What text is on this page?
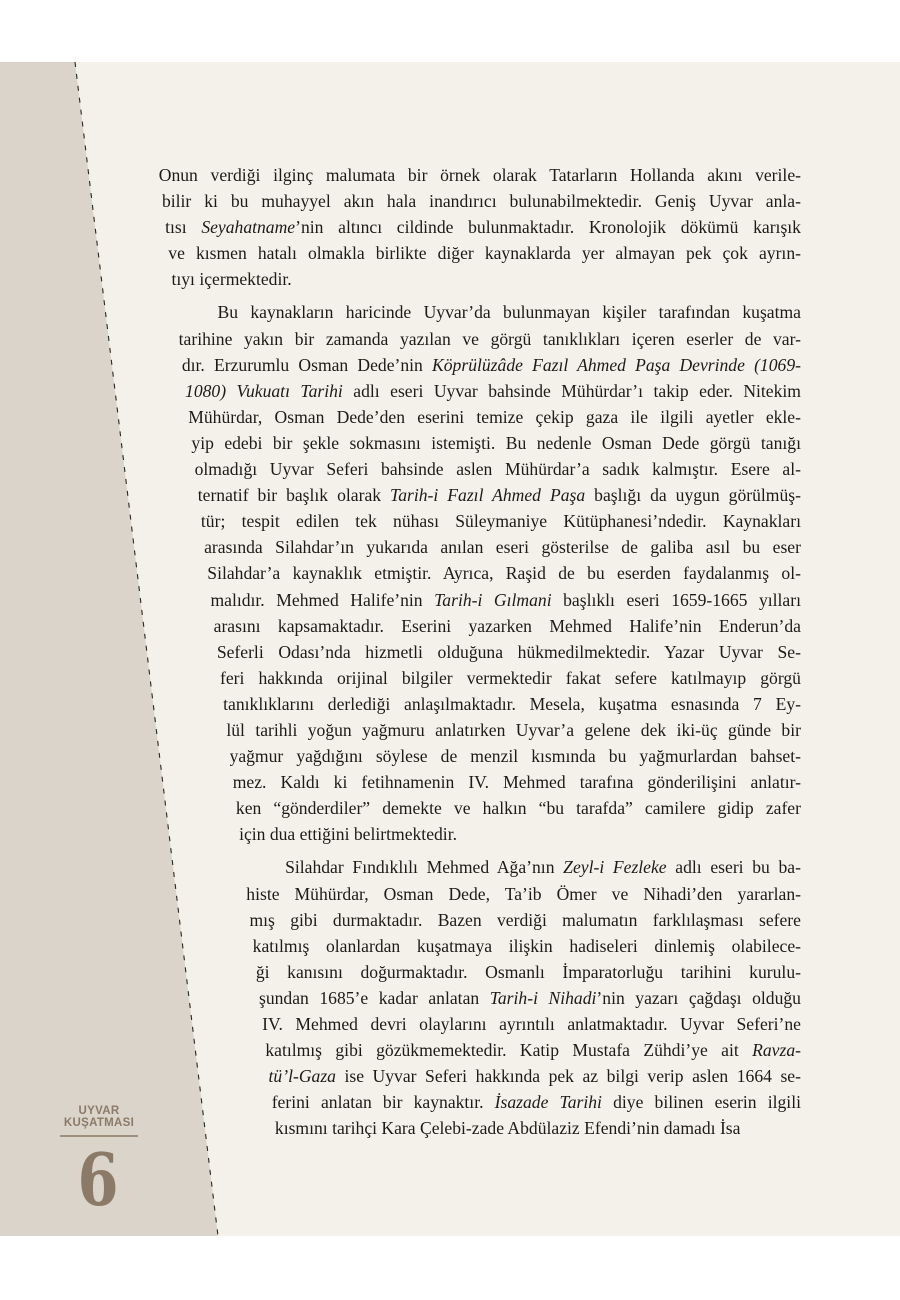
Onun verdiği ilginç malumata bir örnek olarak Tatarların Hollanda akını verile-
bilir ki bu muhayyel akın hala inandırıcı bulunabilmektedir. Geniş Uyvar anla-
tısı Seyahatname’nin altıncı cildinde bulunmaktadır. Kronolojik dökümü karışık
ve kısmen hatalı olmakla birlikte diğer kaynaklarda yer almayan pek çok ayrın-
tıyı içermektedir.
Bu kaynakların haricinde Uyvar’da bulunmayan kişiler tarafından kuşatma
tarihine yakın bir zamanda yazılan ve görgü tanıklıkları içeren eserler de var-
dır. Erzurumlu Osman Dede’nin Köprülüzâde Fazıl Ahmed Paşa Devrinde (1069-
1080) Vukuatı Tarihi adlı eseri Uyvar bahsinde Mühürdar’ı takip eder. Nitekim
Mühürdar, Osman Dede’den eserini temize çekip gaza ile ilgili ayetler ekle-
yip edebi bir şekle sokmasını istemişti. Bu nedenle Osman Dede görgü tanığı
olmadığı Uyvar Seferi bahsinde aslen Mühürdar’a sadık kalmıştır. Esere al-
ternatif bir başlık olarak Tarih-i Fazıl Ahmed Paşa başlığı da uygun görülmüş-
tür; tespit edilen tek nühası Süleymaniye Kütüphanesi’ndedir. Kaynakları
arasında Silahdar’ın yukarıda anılan eseri gösterilse de galiba asıl bu eser
Silahdar’a kaynaklık etmiştir. Ayrıca, Raşid de bu eserden faydalanmış ol-
malıdır. Mehmed Halife’nin Tarih-i Gılmani başlıklı eseri 1659-1665 yılları
arasını kapsamaktadır. Eserini yazarken Mehmed Halife’nin Enderun’da
Seferli Odası’nda hizmetli olduğuna hükmedilmektedir. Yazar Uyvar Se-
feri hakkında orijinal bilgiler vermektedir fakat sefere katılmayıp görgü
tanıklıklarını derlediği anlaşılmaktadır. Mesela, kuşatma esnasında 7 Ey-
lül tarihli yoğun yağmuru anlatırken Uyvar’a gelene dek iki-üç günde bir
yağmur yağdığını söylese de menzil kısmında bu yağmurlardan bahset-
mez. Kaldı ki fetihnamenin IV. Mehmed tarafına gönderilişini anlatır-
ken “gönderdiler” demekte ve halkın “bu tarafda” camilere gidip zafer
için dua ettiğini belirtmektedir.
Silahdar Fındıklılı Mehmed Ağa’nın Zeyl-i Fezleke adlı eseri bu ba-
histe Mühürdar, Osman Dede, Ta’ib Ömer ve Nihadi’den yararlan-
mış gibi durmaktadır. Bazen verdiği malumatın farklılaşması sefere
katılmış olanlardan kuşatmaya ilişkin hadiseleri dinlemiş olabilece-
ği kanısını doğurmaktadır. Osmanlı İmparatorluğu tarihini kurulu-
şundan 1685’e kadar anlatan Tarih-i Nihadi’nin yazarı çağdaşı olduğu
IV. Mehmed devri olaylarını ayrıntılı anlatmaktadır. Uyvar Seferi’ne
katılmış gibi gözükmemektedir. Katip Mustafa Zühdi’ye ait Ravza-
tü’l-Gaza ise Uyvar Seferi hakkında pek az bilgi verip aslen 1664 se-
ferini anlatan bir kaynaktır. İsazade Tarihi diye bilinen eserin ilgili
kısmını tarihçi Kara Çelebi-zade Abdülaziz Efendi’nin damadı İsa
UYVAR
KUŞATMASI
6
